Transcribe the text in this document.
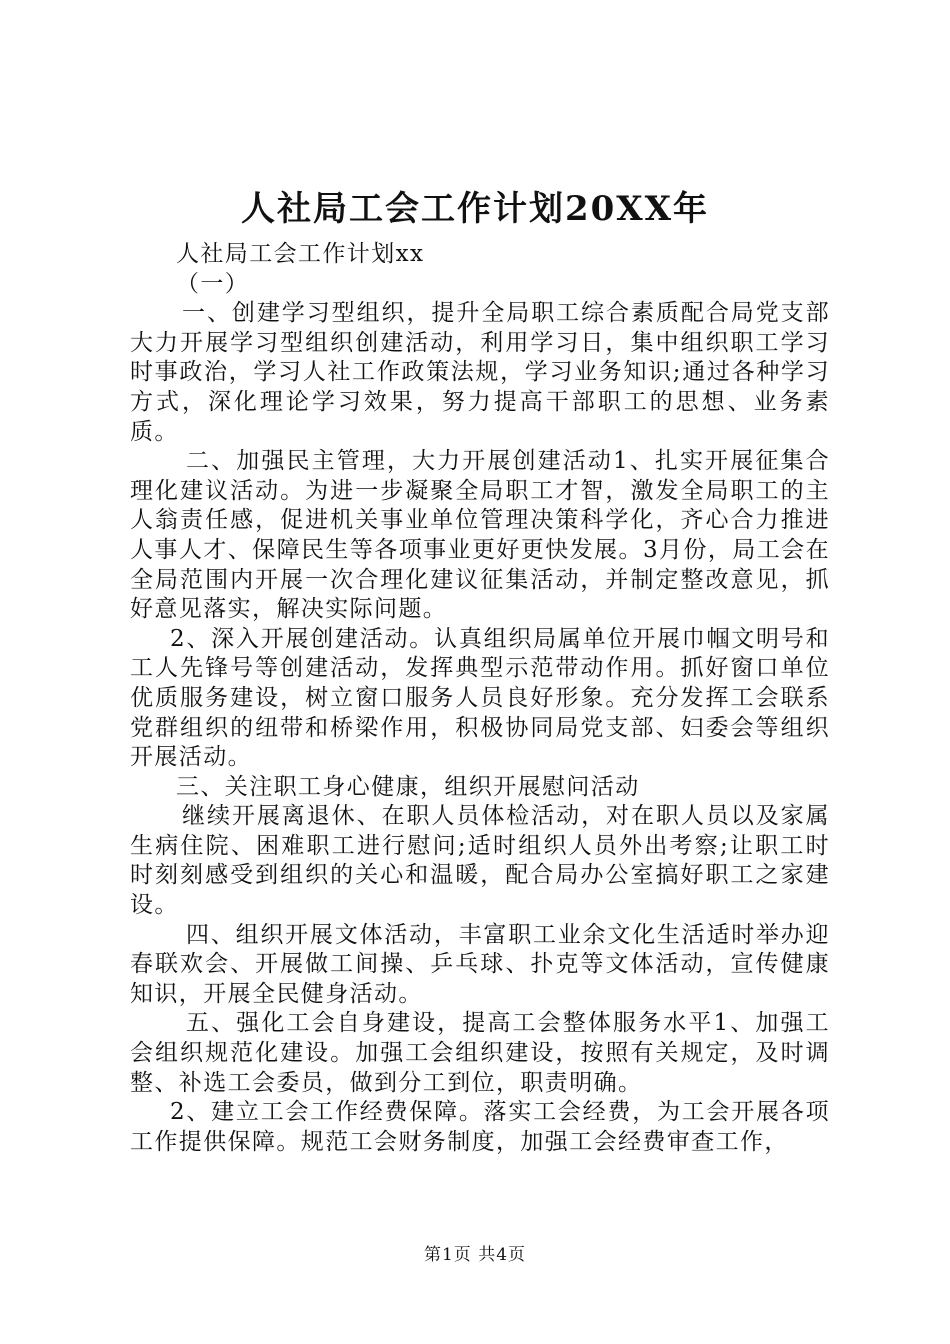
人社局工会工作计划20XX年

人社局工会工作计划xx

（一）

一、创建学习型组织，提升全局职工综合素质配合局党支部大力开展学习型组织创建活动，利用学习日，集中组织职工学习时事政治，学习人社工作政策法规，学习业务知识;通过各种学习方式，深化理论学习效果，努力提高干部职工的思想、业务素质。

二、加强民主管理，大力开展创建活动1、扎实开展征集合理化建议活动。为进一步凝聚全局职工才智，激发全局职工的主人翁责任感，促进机关事业单位管理决策科学化，齐心合力推进人事人才、保障民生等各项事业更好更快发展。3月份，局工会在全局范围内开展一次合理化建议征集活动，并制定整改意见，抓好意见落实，解决实际问题。

2、深入开展创建活动。认真组织局属单位开展巾帼文明号和工人先锋号等创建活动，发挥典型示范带动作用。抓好窗口单位优质服务建设，树立窗口服务人员良好形象。充分发挥工会联系党群组织的纽带和桥梁作用，积极协同局党支部、妇委会等组织开展活动。

三、关注职工身心健康，组织开展慰问活动

继续开展离退休、在职人员体检活动，对在职人员以及家属生病住院、困难职工进行慰问;适时组织人员外出考察;让职工时时刻刻感受到组织的关心和温暖，配合局办公室搞好职工之家建设。

四、组织开展文体活动，丰富职工业余文化生活适时举办迎春联欢会、开展做工间操、乒乓球、扑克等文体活动，宣传健康知识，开展全民健身活动。

五、强化工会自身建设，提高工会整体服务水平1、加强工会组织规范化建设。加强工会组织建设，按照有关规定，及时调整、补选工会委员，做到分工到位，职责明确。

2、建立工会工作经费保障。落实工会经费，为工会开展各项工作提供保障。规范工会财务制度，加强工会经费审查工作，

第1页 共4页
